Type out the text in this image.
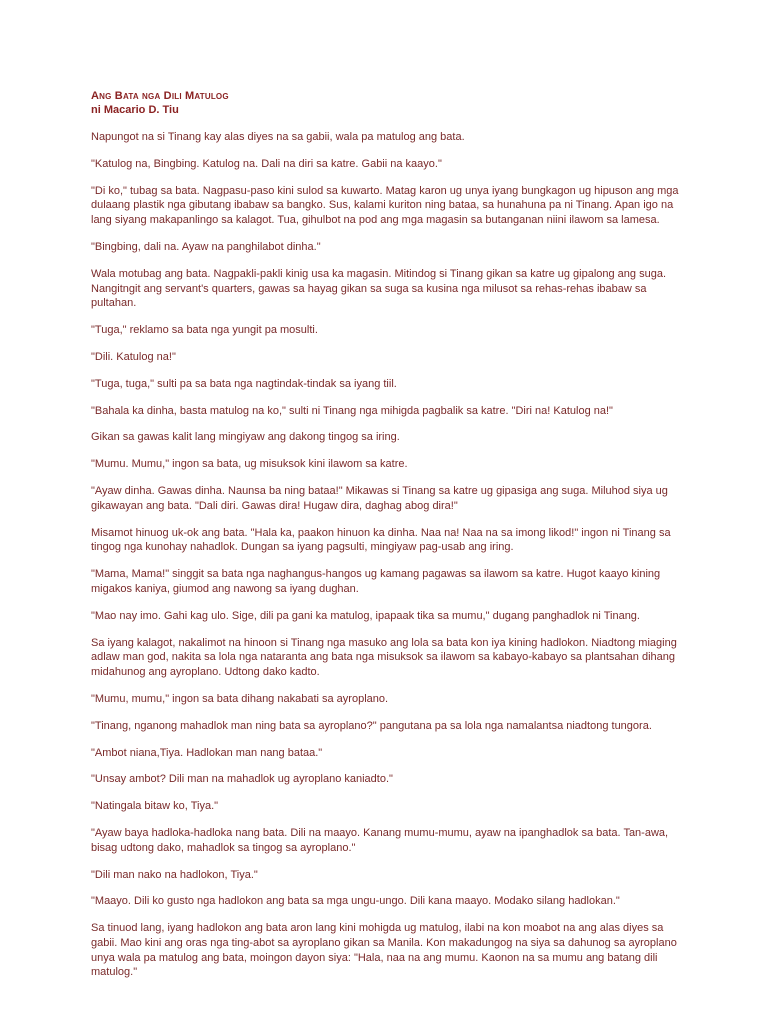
Ang Bata nga Dili Matulog
ni Macario D. Tiu

Napungot na si Tinang kay alas diyes na sa gabii, wala pa matulog ang bata.

"Katulog na, Bingbing. Katulog na. Dali na diri sa katre. Gabii na kaayo."

"Di ko," tubag sa bata. Nagpasu-paso kini sulod sa kuwarto. Matag karon ug unya iyang bungkagon ug hipuson ang mga dulaang plastik nga gibutang ibabaw sa bangko. Sus, kalami kuriton ning bataa, sa hunahuna pa ni Tinang. Apan igo na lang siyang makapanlingo sa kalagot. Tua, gihulbot na pod ang mga magasin sa butanganan niini ilawom sa lamesa.

"Bingbing, dali na. Ayaw na panghilabot dinha."

Wala motubag ang bata. Nagpakli-pakli kinig usa ka magasin. Mitindog si Tinang gikan sa katre ug gipalong ang suga. Nangitngit ang servant's quarters, gawas sa hayag gikan sa suga sa kusina nga milusot sa rehas-rehas ibabaw sa pultahan.

"Tuga," reklamo sa bata nga yungit pa mosulti.

"Dili. Katulog na!"

"Tuga, tuga," sulti pa sa bata nga nagtindak-tindak sa iyang tiil.

"Bahala ka dinha, basta matulog na ko," sulti ni Tinang nga mihigda pagbalik sa katre. "Diri na! Katulog na!"

Gikan sa gawas kalit lang mingiyaw ang dakong tingog sa iring.

"Mumu. Mumu," ingon sa bata, ug misuksok kini ilawom sa katre.

"Ayaw dinha. Gawas dinha. Naunsa ba ning bataa!" Mikawas si Tinang sa katre ug gipasiga ang suga. Miluhod siya ug gikawayan ang bata. "Dali diri. Gawas dira! Hugaw dira, daghag abog dira!"

Misamot hinuog uk-ok ang bata. "Hala ka, paakon hinuon ka dinha. Naa na! Naa na sa imong likod!" ingon ni Tinang sa tingog nga kunohay nahadlok. Dungan sa iyang pagsulti, mingiyaw pag-usab ang iring.

"Mama, Mama!" singgit sa bata nga naghangus-hangos ug kamang pagawas sa ilawom sa katre. Hugot kaayo kining migakos kaniya, giumod ang nawong sa iyang dughan.

"Mao nay imo. Gahi kag ulo. Sige, dili pa gani ka matulog, ipapaak tika sa mumu," dugang panghadlok ni Tinang.

Sa iyang kalagot, nakalimot na hinoon si Tinang nga masuko ang lola sa bata kon iya kining hadlokon. Niadtong miaging adlaw man god, nakita sa lola nga nataranta ang bata nga misuksok sa ilawom sa kabayo-kabayo sa plantsahan dihang midahunog ang ayroplano. Udtong dako kadto.

"Mumu, mumu," ingon sa bata dihang nakabati sa ayroplano.

"Tinang, nganong mahadlok man ning bata sa ayroplano?" pangutana pa sa lola nga namalantsa niadtong tungora.

"Ambot niana,Tiya. Hadlokan man nang bataa."

"Unsay ambot? Dili man na mahadlok ug ayroplano kaniadto."

"Natingala bitaw ko, Tiya."

"Ayaw baya hadloka-hadloka nang bata. Dili na maayo. Kanang mumu-mumu, ayaw na ipanghadlok sa bata. Tan-awa, bisag udtong dako, mahadlok sa tingog sa ayroplano."

"Dili man nako na hadlokon, Tiya."

"Maayo. Dili ko gusto nga hadlokon ang bata sa mga ungu-ungo. Dili kana maayo. Modako silang hadlokan."

Sa tinuod lang, iyang hadlokon ang bata aron lang kini mohigda ug matulog, ilabi na kon moabot na ang alas diyes sa gabii. Mao kini ang oras nga ting-abot sa ayroplano gikan sa Manila. Kon makadungog na siya sa dahunog sa ayroplano unya wala pa matulog ang bata, moingon dayon siya: "Hala, naa na ang mumu. Kaonon na sa mumu ang batang dili matulog."
